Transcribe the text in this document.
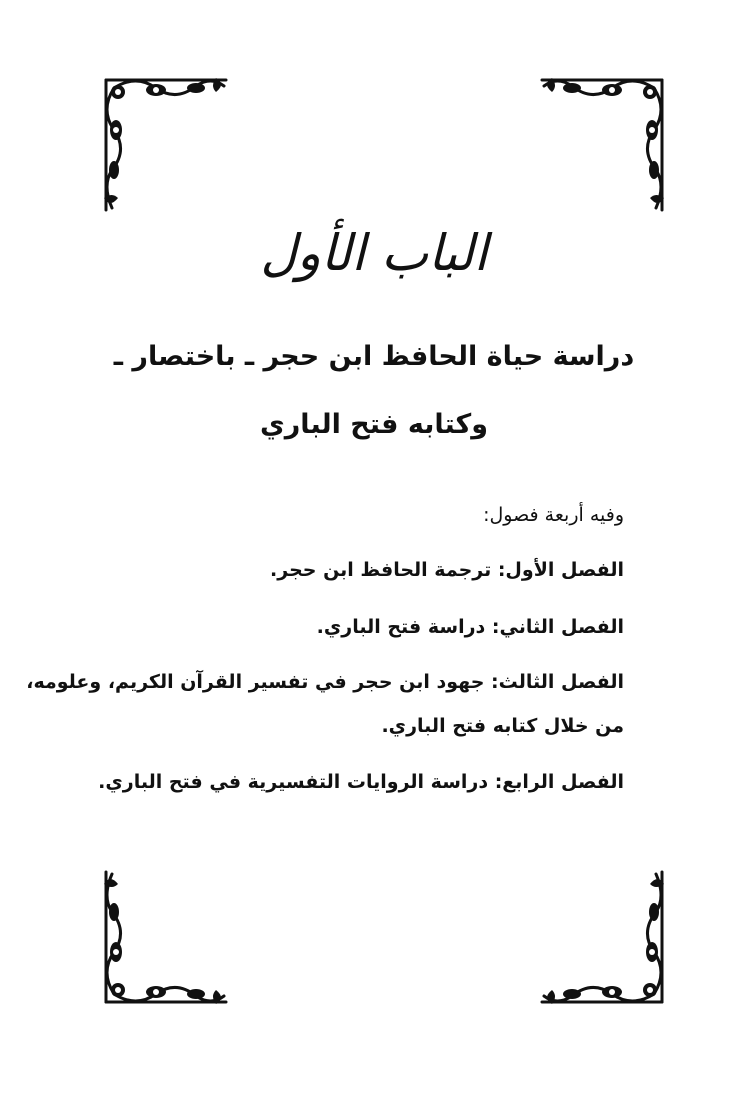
الباب الأول
دراسة حياة الحافظ ابن حجر ـ باختصار ـ
وكتابه فتح الباري
وفيه أربعة فصول:
الفصل الأول: ترجمة الحافظ ابن حجر.
الفصل الثاني: دراسة فتح الباري.
الفصل الثالث: جهود ابن حجر في تفسير القرآن الكريم، وعلومه،
من خلال كتابه فتح الباري.
الفصل الرابع: دراسة الروايات التفسيرية في فتح الباري.
